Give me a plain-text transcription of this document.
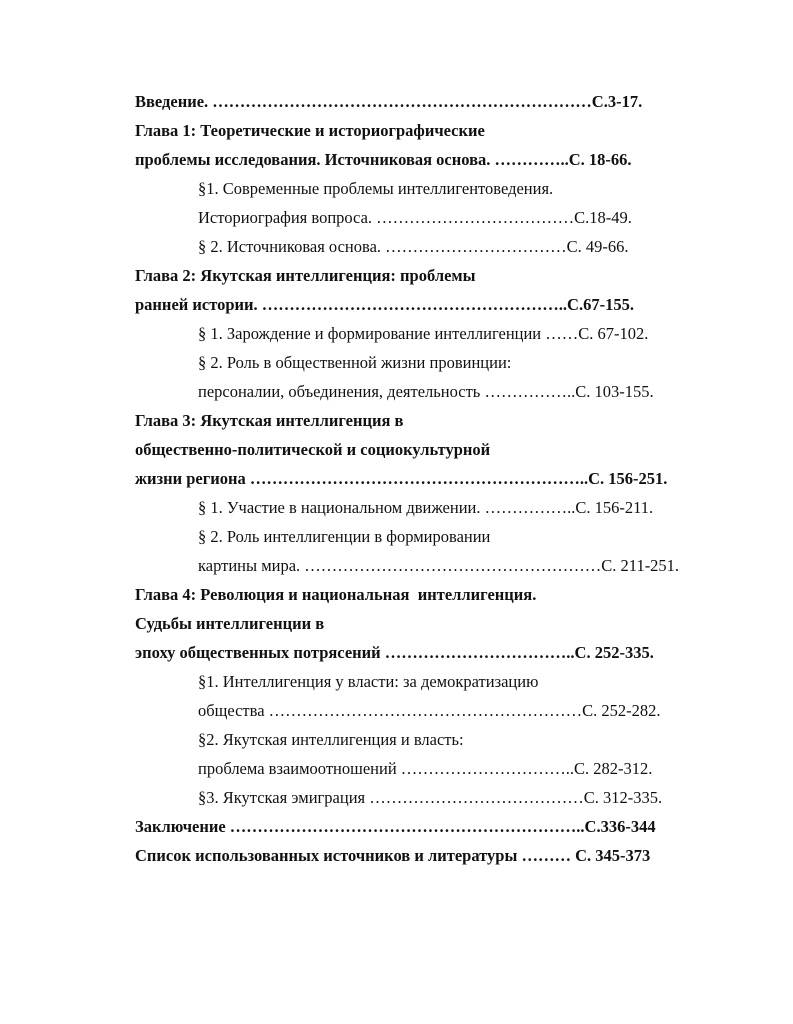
Введение. ……………………………………………………………С.3-17.
Глава 1: Теоретические и историографические
проблемы исследования. Источниковая основа. …………..С. 18-66.
§1. Современные проблемы интеллигентоведения.
Историография вопроса. ………………………………С.18-49.
§ 2. Источниковая основа. ……………………………С. 49-66.
Глава 2: Якутская интеллигенция: проблемы
ранней истории. ………………………………………………..С.67-155.
§ 1. Зарождение и формирование интеллигенции ……С. 67-102.
§ 2. Роль в общественной жизни провинции:
персоналии, объединения, деятельность ……………..С. 103-155.
Глава 3: Якутская интеллигенция в
общественно-политической и социокультурной
жизни региона ……………………………………………………..С. 156-251.
§ 1. Участие в национальном движении. ……………..С. 156-211.
§ 2. Роль интеллигенции в формировании
картины мира. ………………………………………………С. 211-251.
Глава 4: Революция и национальная  интеллигенция.
Судьбы интеллигенции в
эпоху общественных потрясений ……………………………..С. 252-335.
§1. Интеллигенция у власти: за демократизацию
общества …………………………………………………С. 252-282.
§2. Якутская интеллигенция и власть:
проблема взаимоотношений …………………………..С. 282-312.
§3. Якутская эмиграция …………………………………С. 312-335.
Заключение ………………………………………………………..С.336-344
Список использованных источников и литературы ……… С. 345-373
